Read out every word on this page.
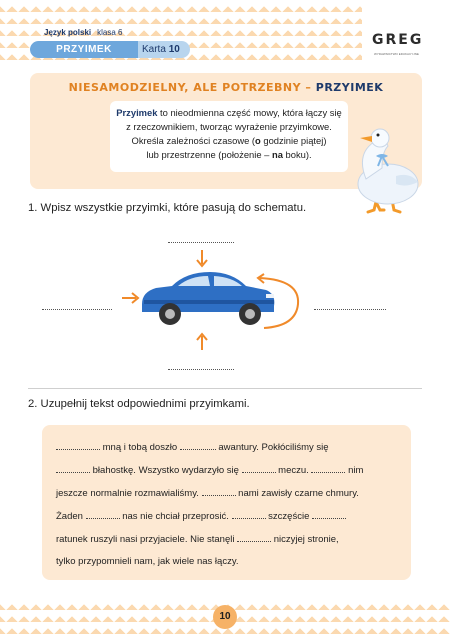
Język polski klasa 6
PRZYIMEK	Karta 10
GREG
WYDAWNICTWO EDUKACYJNE
NIESAMODZIELNY, ALE POTRZEBNY – PRZYIMEK
Przyimek to nieodmienna część mowy, która łączy się
z rzeczownikiem, tworząc wyrażenie przyimkowe.
Określa zależności czasowe (o godzinie piątej)
lub przestrzenne (położenie – na boku).
1. Wpisz wszystkie przyimki, które pasują do schematu.
2. Uzupełnij tekst odpowiednimi przyimkami.
mną i tobą doszło	awantury. Pokłóciliśmy się
błahostkę. Wszystko wydarzyło się	meczu.	nim
jeszcze normalnie rozmawialiśmy.	nami zawisły czarne chmury.
Żaden	nas nie chciał przeprosić.	szczęście
ratunek ruszyli nasi przyjaciele. Nie stanęli	niczyjej stronie,
tylko przypomnieli nam, jak wiele nas łączy.
10
